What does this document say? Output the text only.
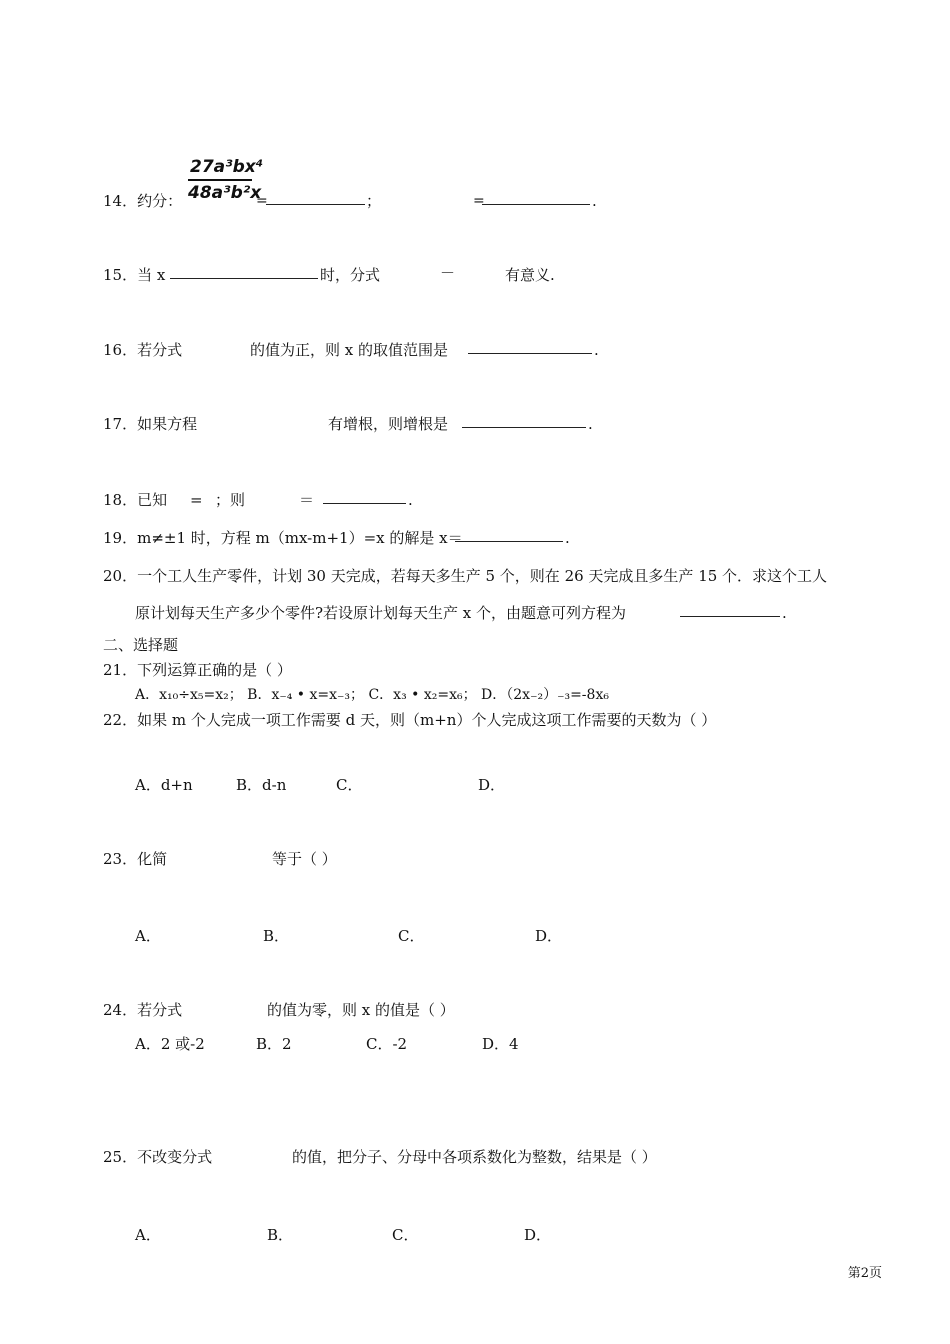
27a³bx⁴
48a³b²x
14．约分：	=	；	=	.
15．当 x	时，分式	－	有意义.
16．若分式	的值为正，则 x 的取值范围是	.
17．如果方程	有增根，则增根是	.
18．已知 = ；则	＝	.
19．m≠±1 时，方程 m（mx-m+1）=x 的解是 x＝	.
20．一个工人生产零件，计划 30 天完成，若每天多生产 5 个，则在 26 天完成且多生产 15 个．求这个工人
原计划每天生产多少个零件?若设原计划每天生产 x 个，由题意可列方程为	.
二、选择题
21．下列运算正确的是（ ）
A．x₁₀÷x₅=x₂； B．x₋₄ • x=x₋₃； C．x₃ • x₂=x₆； D．（2x₋₂）₋₃=-8x₆
22．如果 m 个人完成一项工作需要 d 天，则（m+n）个人完成这项工作需要的天数为（ ）
A．d+n	B．d-n	C．	D．
23．化简	等于（ ）
A．	B．	C．	D．
24．若分式	的值为零，则 x 的值是（ ）
A．2 或-2	B．2	C．-2	D．4
25．不改变分式	的值，把分子、分母中各项系数化为整数，结果是（ ）
A．	B．	C．	D．
第2页
